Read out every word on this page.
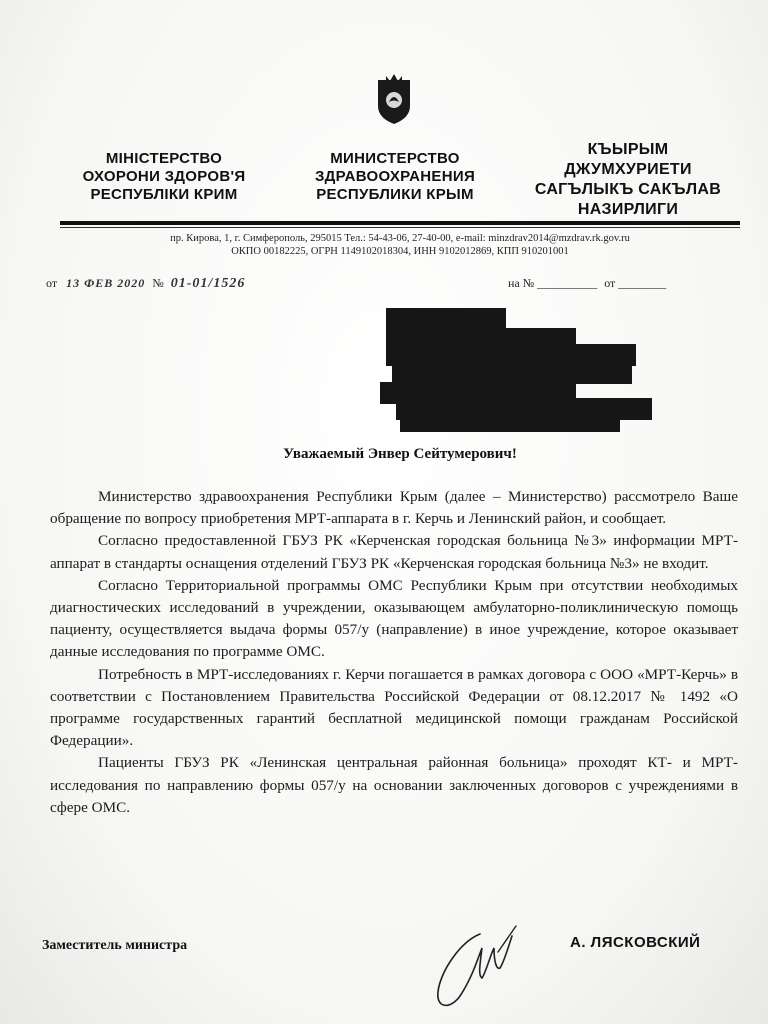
МІНІСТЕРСТВО
ОХОРОНИ ЗДОРОВ'Я
РЕСПУБЛІКИ КРИМ
МИНИСТЕРСТВО
ЗДРАВООХРАНЕНИЯ
РЕСПУБЛИКИ КРЫМ
КЪЫРЫМ
ДЖУМХУРИЕТИ
САГЪЛЫКЪ САКЪЛАВ
НАЗИРЛИГИ
пр. Кирова, 1, г. Симферополь, 295015 Тел.: 54-43-06, 27-40-00, e-mail: minzdrav2014@mzdrav.rk.gov.ru
ОКПО 00182225, ОГРН 1149102018304, ИНН 9102012869, КПП 910201001
от 13 ФЕВ 2020 № 01-01/1526	на № __________ от ________
Уважаемый Энвер Сейтумерович!

Министерство здравоохранения Республики Крым (далее – Министерство) рассмотрело Ваше обращение по вопросу приобретения МРТ-аппарата в г. Керчь и Ленинский район, и сообщает.

Согласно предоставленной ГБУЗ РК «Керченская городская больница №3» информации МРТ-аппарат в стандарты оснащения отделений ГБУЗ РК «Керченская городская больница №3» не входит.

Согласно Территориальной программы ОМС Республики Крым при отсутствии необходимых диагностических исследований в учреждении, оказывающем амбулаторно-поликлиническую помощь пациенту, осуществляется выдача формы 057/у (направление) в иное учреждение, которое оказывает данные исследования по программе ОМС.

Потребность в МРТ-исследованиях г. Керчи погашается в рамках договора с ООО «МРТ-Керчь» в соответствии с Постановлением Правительства Российской Федерации от 08.12.2017 № 1492 «О программе государственных гарантий бесплатной медицинской помощи гражданам Российской Федерации».

Пациенты ГБУЗ РК «Ленинская центральная районная больница» проходят КТ- и МРТ-исследования по направлению формы 057/у на основании заключенных договоров с учреждениями в сфере ОМС.

Заместитель министра	А. ЛЯСКОВСКИЙ
